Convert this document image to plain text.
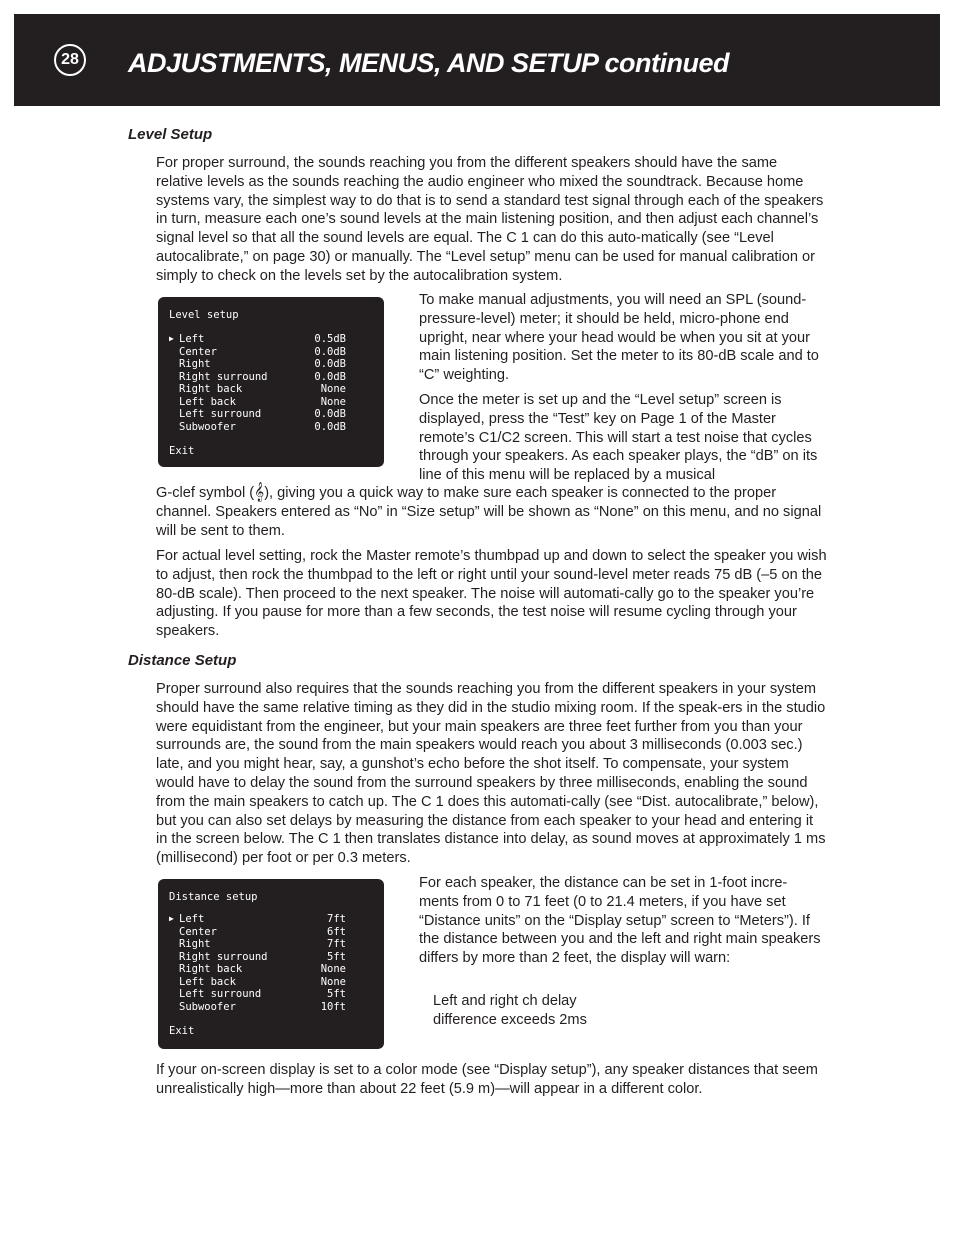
28 ADJUSTMENTS, MENUS, AND SETUP continued
Level Setup

For proper surround, the sounds reaching you from the different speakers should have the same relative levels as the sounds reaching the audio engineer who mixed the soundtrack. Because home systems vary, the simplest way to do that is to send a standard test signal through each of the speakers in turn, measure each one’s sound levels at the main listening position, and then adjust each channel’s signal level so that all the sound levels are equal. The C 1 can do this auto-matically (see “Level autocalibrate,” on page 30) or manually. The “Level setup” menu can be used for manual calibration or simply to check on the levels set by the autocalibration system.

Level setup
▶ Left	0.5dB
Center	0.0dB
Right	0.0dB
Right surround	0.0dB
Right back	None
Left back	None
Left surround	0.0dB
Subwoofer	0.0dB
Exit

To make manual adjustments, you will need an SPL (sound-pressure-level) meter; it should be held, micro-phone end upright, near where your head would be when you sit at your main listening position. Set the meter to its 80-dB scale and to “C” weighting.

Once the meter is set up and the “Level setup” screen is displayed, press the “Test” key on Page 1 of the Master remote’s C1/C2 screen. This will start a test noise that cycles through your speakers. As each speaker plays, the “dB” on its line of this menu will be replaced by a musical

G-clef symbol (𝄞), giving you a quick way to make sure each speaker is connected to the proper channel. Speakers entered as “No” in “Size setup” will be shown as “None” on this menu, and no signal will be sent to them.

For actual level setting, rock the Master remote’s thumbpad up and down to select the speaker you wish to adjust, then rock the thumbpad to the left or right until your sound-level meter reads 75 dB (–5 on the 80-dB scale). Then proceed to the next speaker. The noise will automati-cally go to the speaker you’re adjusting. If you pause for more than a few seconds, the test noise will resume cycling through your speakers.

Distance Setup

Proper surround also requires that the sounds reaching you from the different speakers in your system should have the same relative timing as they did in the studio mixing room. If the speak-ers in the studio were equidistant from the engineer, but your main speakers are three feet further from you than your surrounds are, the sound from the main speakers would reach you about 3 milliseconds (0.003 sec.) late, and you might hear, say, a gunshot’s echo before the shot itself. To compensate, your system would have to delay the sound from the surround speakers by three milliseconds, enabling the sound from the main speakers to catch up. The C 1 does this automati-cally (see “Dist. autocalibrate,” below), but you can also set delays by measuring the distance from each speaker to your head and entering it in the screen below. The C 1 then translates distance into delay, as sound moves at approximately 1 ms (millisecond) per foot or per 0.3 meters.

Distance setup
▶ Left	7ft
Center	6ft
Right	7ft
Right surround	5ft
Right back	None
Left back	None
Left surround	5ft
Subwoofer	10ft
Exit

For each speaker, the distance can be set in 1-foot incre-ments from 0 to 71 feet (0 to 21.4 meters, if you have set “Distance units” on the “Display setup” screen to “Meters”). If the distance between you and the left and right main speakers differs by more than 2 feet, the display will warn:

Left and right ch delay
difference exceeds 2ms

If your on-screen display is set to a color mode (see “Display setup”), any speaker distances that seem unrealistically high—more than about 22 feet (5.9 m)—will appear in a different color.
